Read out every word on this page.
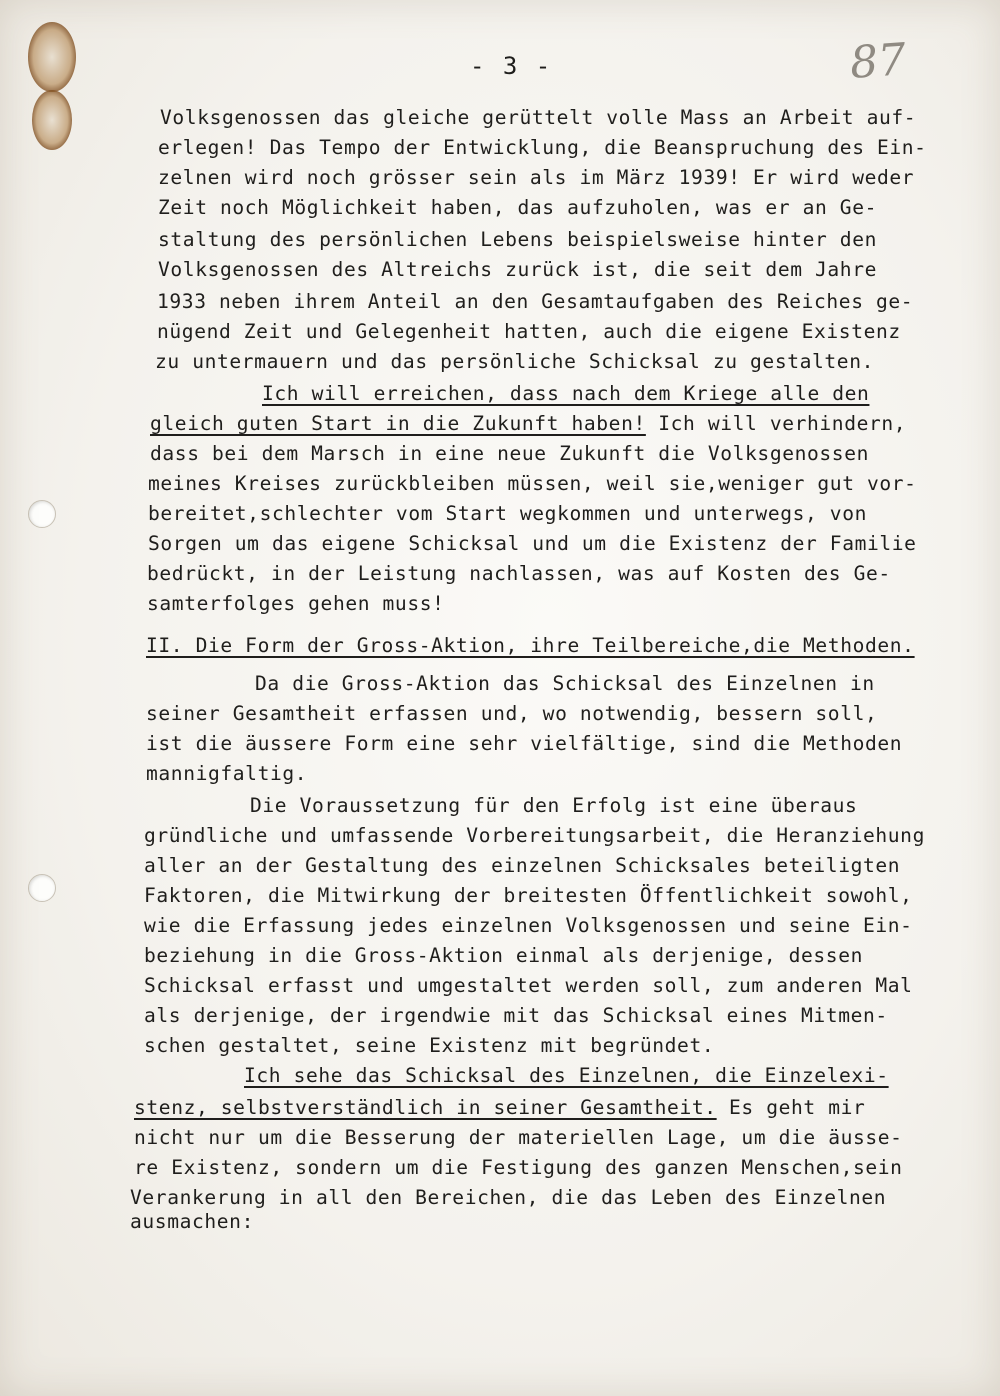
- 3 -	87
Volksgenossen das gleiche gerüttelt volle Mass an Arbeit auf-
erlegen! Das Tempo der Entwicklung, die Beanspruchung des Ein-
zelnen wird noch grösser sein als im März 1939! Er wird weder
Zeit noch Möglichkeit haben, das aufzuholen, was er an Ge-
staltung des persönlichen Lebens beispielsweise hinter den
Volksgenossen des Altreichs zurück ist, die seit dem Jahre
1933 neben ihrem Anteil an den Gesamtaufgaben des Reiches ge-
nügend Zeit und Gelegenheit hatten, auch die eigene Existenz
zu untermauern und das persönliche Schicksal zu gestalten.
Ich will erreichen, dass nach dem Kriege alle den
gleich guten Start in die Zukunft haben! Ich will verhindern,
dass bei dem Marsch in eine neue Zukunft die Volksgenossen
meines Kreises zurückbleiben müssen, weil sie,weniger gut vor-
bereitet,schlechter vom Start wegkommen und unterwegs, von
Sorgen um das eigene Schicksal und um die Existenz der Familie
bedrückt, in der Leistung nachlassen, was auf Kosten des Ge-
samterfolges gehen muss!
II. Die Form der Gross-Aktion, ihre Teilbereiche,die Methoden.
Da die Gross-Aktion das Schicksal des Einzelnen in
seiner Gesamtheit erfassen und, wo notwendig, bessern soll,
ist die äussere Form eine sehr vielfältige, sind die Methoden
mannigfaltig.
Die Voraussetzung für den Erfolg ist eine überaus
gründliche und umfassende Vorbereitungsarbeit, die Heranziehung
aller an der Gestaltung des einzelnen Schicksales beteiligten
Faktoren, die Mitwirkung der breitesten Öffentlichkeit sowohl,
wie die Erfassung jedes einzelnen Volksgenossen und seine Ein-
beziehung in die Gross-Aktion einmal als derjenige, dessen
Schicksal erfasst und umgestaltet werden soll, zum anderen Mal
als derjenige, der irgendwie mit das Schicksal eines Mitmen-
schen gestaltet, seine Existenz mit begründet.
Ich sehe das Schicksal des Einzelnen, die Einzelexi-
stenz, selbstverständlich in seiner Gesamtheit. Es geht mir
nicht nur um die Besserung der materiellen Lage, um die äusse-
re Existenz, sondern um die Festigung des ganzen Menschen,sein
Verankerung in all den Bereichen, die das Leben des Einzelnen
ausmachen:
